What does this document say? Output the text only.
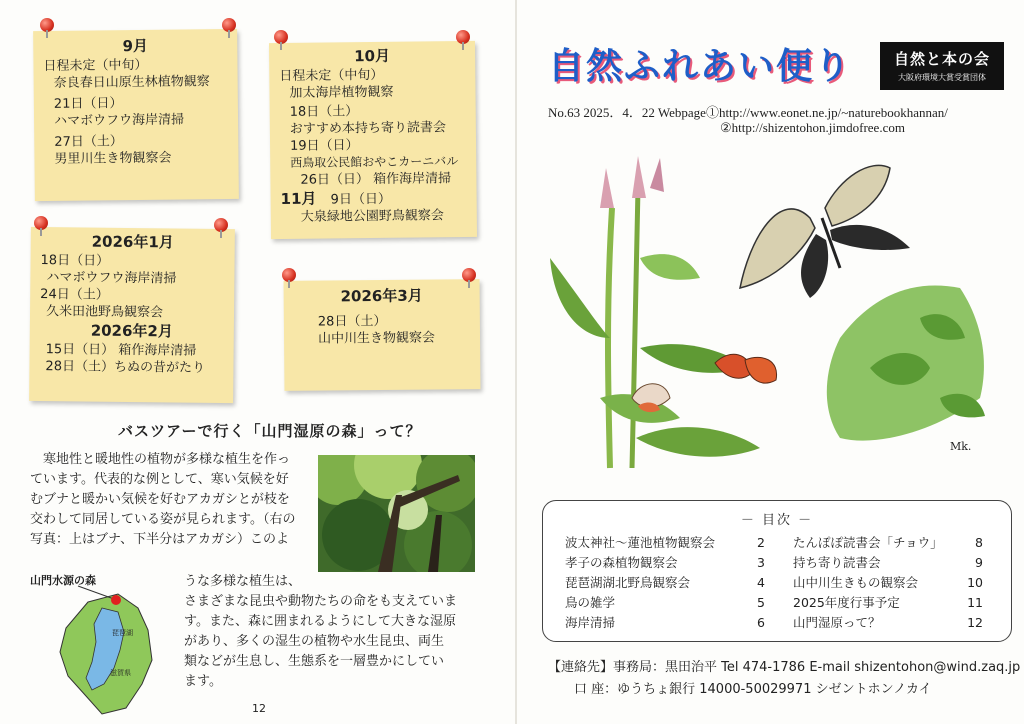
9月
日程未定（中旬）
奈良春日山原生林植物観察
21日（日）
ハマボウフウ海岸清掃
27日（土）
男里川生き物観察会
10月
日程未定（中旬）
加太海岸植物観察
18日（土）
おすすめ本持ち寄り読書会
19日（日）
西鳥取公民館おやこカーニバル
26日（日） 箱作海岸清掃
11月 9日（日）
大泉緑地公園野鳥観察会
2026年1月
18日（日）
ハマボウフウ海岸清掃
24日（土）
久米田池野鳥観察会
2026年2月
15日（日） 箱作海岸清掃
28日（土）ちぬの昔がたり
2026年3月
28日（土）
山中川生き物観察会
バスツアーで行く「山門湿原の森」って？
寒地性と暖地性の植物が多様な植生を作っ
ています。代表的な例として、寒い気候を好
むブナと暖かい気候を好むアカガシとが枝を
交わして同居している姿が見られます。（右の
写真：上はブナ、下半分はアカガシ）このよ
うな多様な植生は、
さまざまな昆虫や動物たちの命をも支えていま
す。また、森に囲まれるようにして大きな湿原
があり、多くの湿生の植物や水生昆虫、両生
類などが生息し、生態系を一層豊かにしてい
ます。
山門水源の森
琵琶湖
滋賀県
12
自然ふれあい便り	自然と本の会
大阪府環境大賞受賞団体
No.63 2025．4．22 Webpage①http://www.eonet.ne.jp/~naturebookhannan/
②http://shizentohon.jimdofree.com
Mk.
－ 目次 －
波太神社～蓮池植物観察会	2
孝子の森植物観察会	3
琵琶湖湖北野鳥観察会	4
鳥の雑学	5
海岸清掃	6
たんぽぽ読書会「チョウ」	8
持ち寄り読書会	9
山中川生きもの観察会	10
2025年度行事予定	11
山門湿原って？	12
【連絡先】事務局：黒田治平 Tel 474-1786 E-mail shizentohon@wind.zaq.jp
口 座：ゆうちょ銀行 14000-50029971 シゼントホンノカイ
